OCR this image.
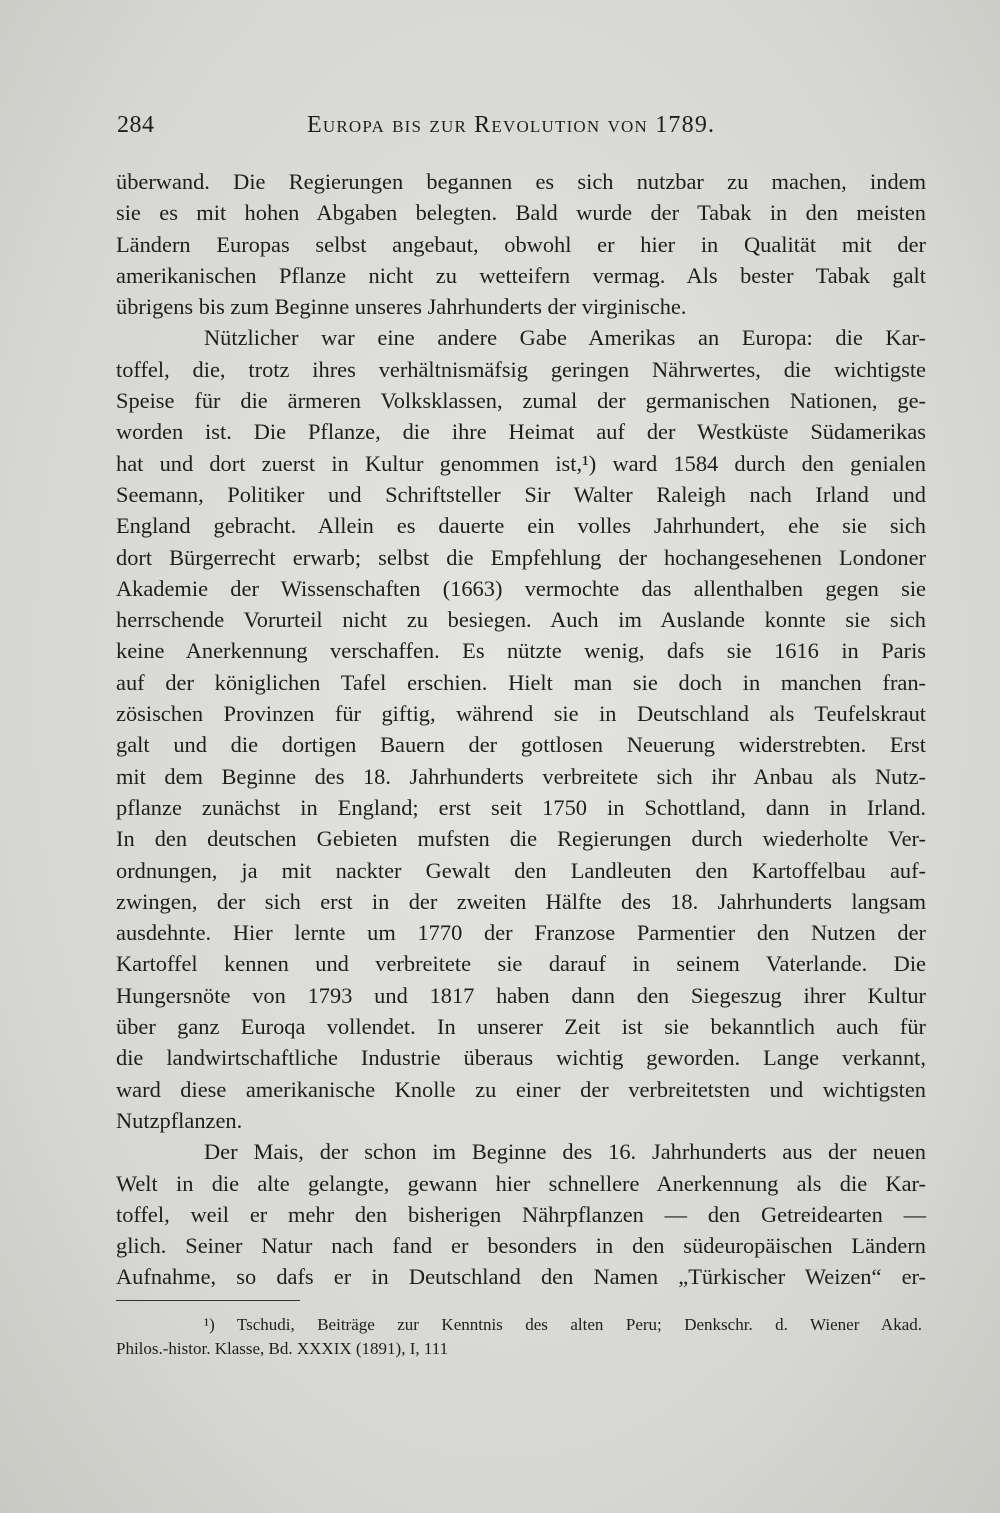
284	Europa bis zur Revolution von 1789.
überwand. Die Regierungen begannen es sich nutzbar zu machen, indem
sie es mit hohen Abgaben belegten. Bald wurde der Tabak in den meisten
Ländern Europas selbst angebaut, obwohl er hier in Qualität mit der
amerikanischen Pflanze nicht zu wetteifern vermag. Als bester Tabak galt
übrigens bis zum Beginne unseres Jahrhunderts der virginische.
Nützlicher war eine andere Gabe Amerikas an Europa: die Kar-
toffel, die, trotz ihres verhältnismäfsig geringen Nährwertes, die wichtigste
Speise für die ärmeren Volksklassen, zumal der germanischen Nationen, ge-
worden ist. Die Pflanze, die ihre Heimat auf der Westküste Südamerikas
hat und dort zuerst in Kultur genommen ist,¹) ward 1584 durch den genialen
Seemann, Politiker und Schriftsteller Sir Walter Raleigh nach Irland und
England gebracht. Allein es dauerte ein volles Jahrhundert, ehe sie sich
dort Bürgerrecht erwarb; selbst die Empfehlung der hochangesehenen Londoner
Akademie der Wissenschaften (1663) vermochte das allenthalben gegen sie
herrschende Vorurteil nicht zu besiegen. Auch im Auslande konnte sie sich
keine Anerkennung verschaffen. Es nützte wenig, dafs sie 1616 in Paris
auf der königlichen Tafel erschien. Hielt man sie doch in manchen fran-
zösischen Provinzen für giftig, während sie in Deutschland als Teufelskraut
galt und die dortigen Bauern der gottlosen Neuerung widerstrebten. Erst
mit dem Beginne des 18. Jahrhunderts verbreitete sich ihr Anbau als Nutz-
pflanze zunächst in England; erst seit 1750 in Schottland, dann in Irland.
In den deutschen Gebieten mufsten die Regierungen durch wiederholte Ver-
ordnungen, ja mit nackter Gewalt den Landleuten den Kartoffelbau auf-
zwingen, der sich erst in der zweiten Hälfte des 18. Jahrhunderts langsam
ausdehnte. Hier lernte um 1770 der Franzose Parmentier den Nutzen der
Kartoffel kennen und verbreitete sie darauf in seinem Vaterlande. Die
Hungersnöte von 1793 und 1817 haben dann den Siegeszug ihrer Kultur
über ganz Euroqa vollendet. In unserer Zeit ist sie bekanntlich auch für
die landwirtschaftliche Industrie überaus wichtig geworden. Lange verkannt,
ward diese amerikanische Knolle zu einer der verbreitetsten und wichtigsten
Nutzpflanzen.
Der Mais, der schon im Beginne des 16. Jahrhunderts aus der neuen
Welt in die alte gelangte, gewann hier schnellere Anerkennung als die Kar-
toffel, weil er mehr den bisherigen Nährpflanzen — den Getreidearten —
glich. Seiner Natur nach fand er besonders in den südeuropäischen Ländern
Aufnahme, so dafs er in Deutschland den Namen „Türkischer Weizen“ er-
¹) Tschudi, Beiträge zur Kenntnis des alten Peru; Denkschr. d. Wiener Akad.
Philos.-histor. Klasse, Bd. XXXIX (1891), I, 111
